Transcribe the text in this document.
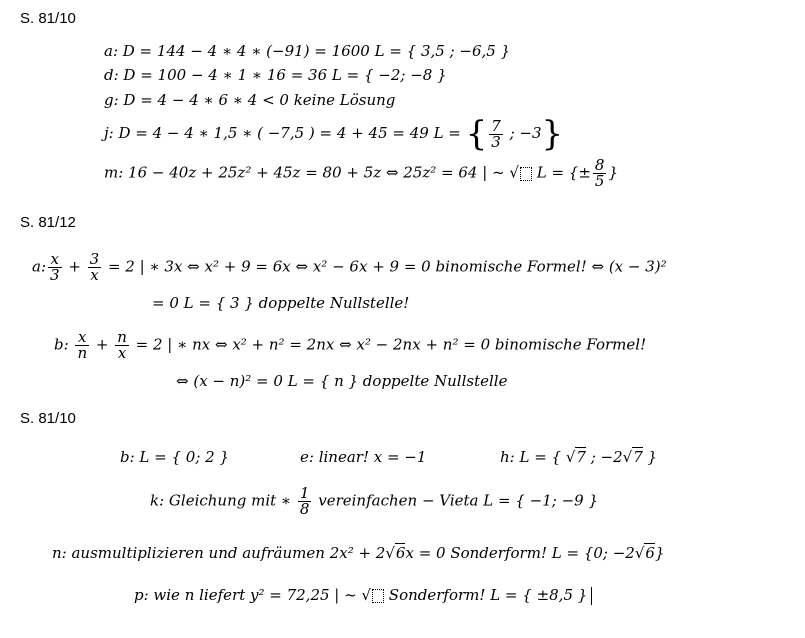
S. 81/10
S. 81/12
S. 81/10
a: D = 144 − 4 ∗ 4 ∗ (−91) = 1600 L = { 3,5 ; −6,5 }
d: D = 100 − 4 ∗ 1 ∗ 16 = 36 L = { −2; −8 }
g: D = 4 − 4 ∗ 6 ∗ 4 < 0 keine Lösung
j: D = 4 − 4 ∗ 1,5 ∗ ( −7,5 ) = 4 + 45 = 49 L = { $\frac{7}{3}$ ; −3}
m: 16 − 40z + 25z² + 45z = 80 + 5z ⇔ 25z² = 64 | ~ √ L = {± $\frac{8}{5}$ }
a: $\frac{x}{3} + \frac{3}{x} = 2$ | ∗ 3x ⇔ x² + 9 = 6x ⇔ x² − 6x + 9 = 0 binomische Formel! ⇔ (x − 3)²
= 0 L = { 3 } doppelte Nullstelle!
b: $\frac{x}{n} + \frac{n}{x} = 2$ | ∗ nx ⇔ x² + n² = 2nx ⇔ x² − 2nx + n² = 0 binomische Formel!
⇔ (x − n)² = 0 L = { n } doppelte Nullstelle
b: L = { 0; 2 }	e: linear! x = −1	h: L = { √7 ; −2√7 }
k: Gleichung mit ∗ $\frac{1}{8}$ vereinfachen − Vieta L = { −1; −9 }
n: ausmultiplizieren und aufräumen 2x² + 2√6x = 0 Sonderform! L = {0; −2√6}
p: wie n liefert y² = 72,25 | ~ √ Sonderform! L = { ±8,5 }
